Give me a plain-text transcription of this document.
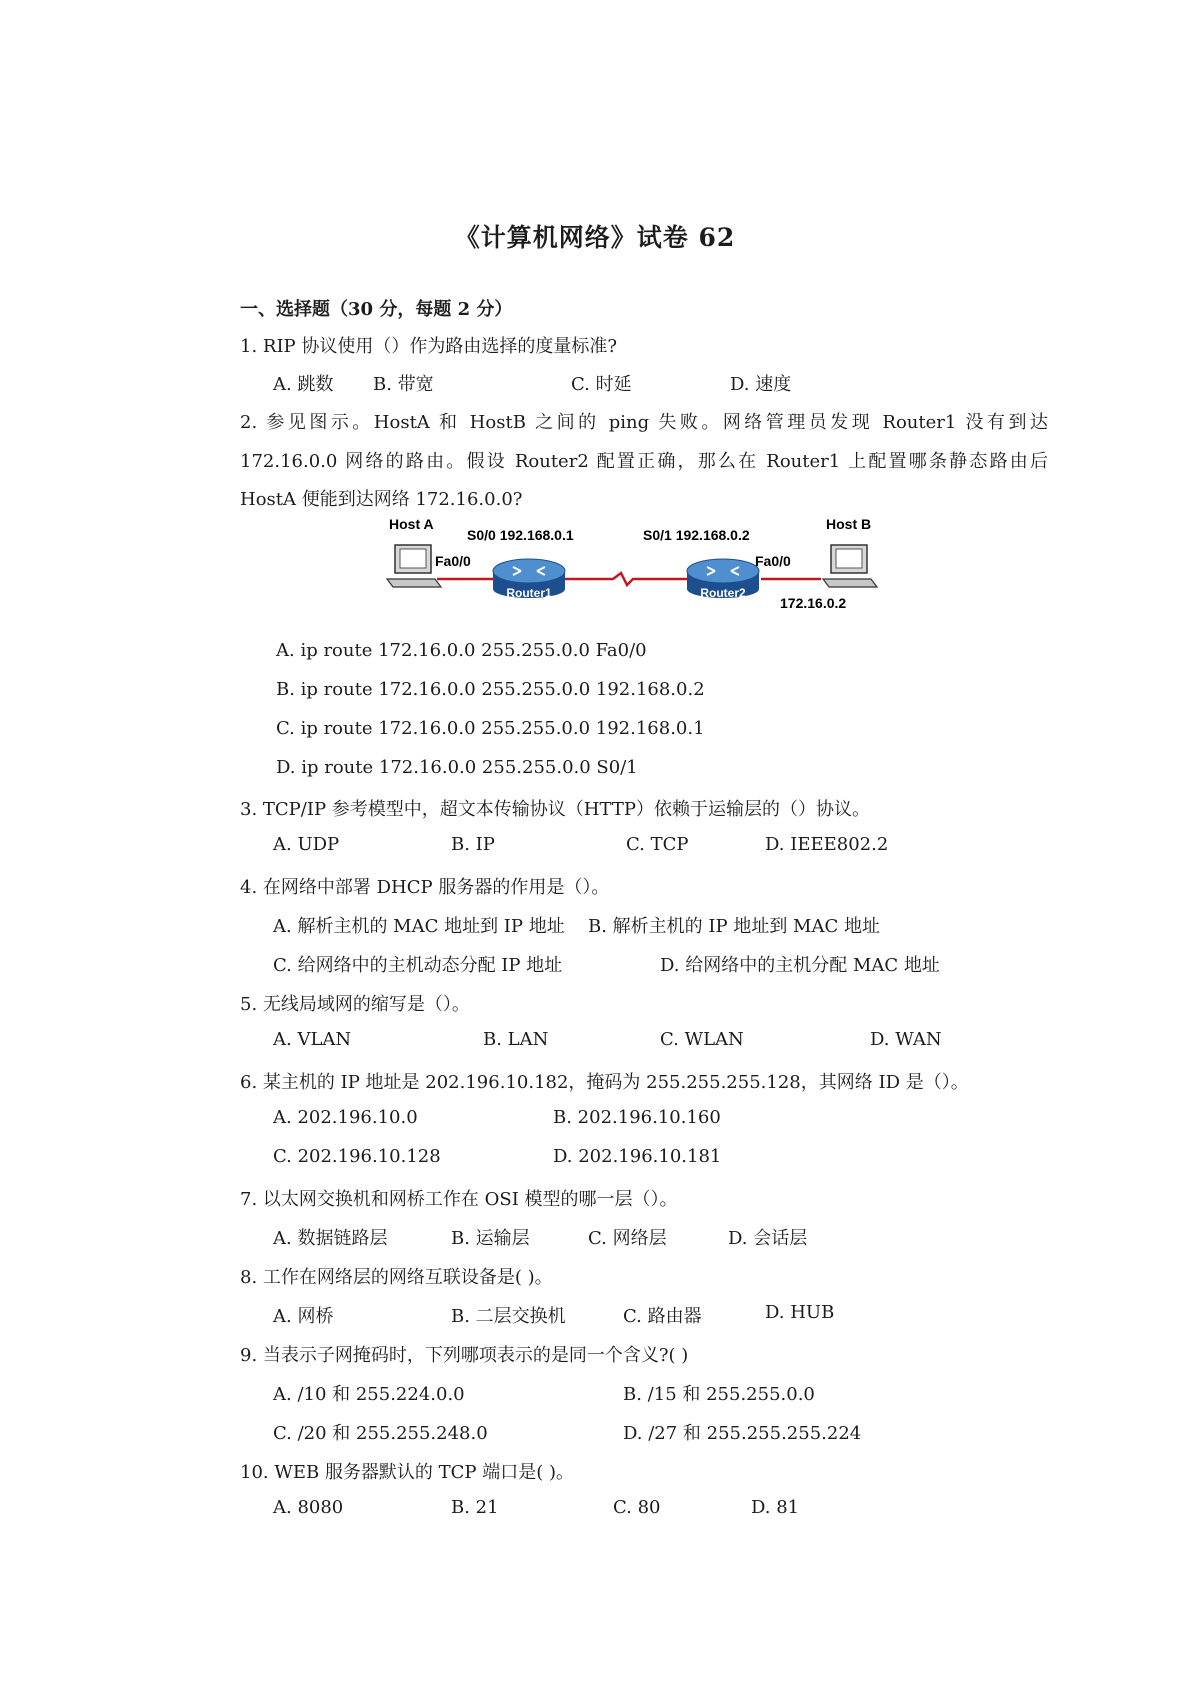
《计算机网络》试卷 62
一、选择题（30 分，每题 2 分）
1. RIP 协议使用（）作为路由选择的度量标准?
A. 跳数 B. 带宽	C. 时延	D. 速度
2. 参见图示。HostA 和 HostB 之间的 ping 失败。网络管理员发现 Router1 没有到达
172.16.0.0 网络的路由。假设 Router2 配置正确，那么在 Router1 上配置哪条静态路由后
HostA 便能到达网络 172.16.0.0?
Router1	Router2
Host A	Host B
S0/0 192.168.0.1	S0/1 192.168.0.2
Fa0/0	Fa0/0
172.16.0.2
A. ip route 172.16.0.0 255.255.0.0 Fa0/0
B. ip route 172.16.0.0 255.255.0.0 192.168.0.2
C. ip route 172.16.0.0 255.255.0.0 192.168.0.1
D. ip route 172.16.0.0 255.255.0.0 S0/1
3. TCP/IP 参考模型中，超文本传输协议（HTTP）依赖于运输层的（）协议。
A. UDP	B. IP	C. TCP	D. IEEE802.2
4. 在网络中部署 DHCP 服务器的作用是（）。
A. 解析主机的 MAC 地址到 IP 地址 B. 解析主机的 IP 地址到 MAC 地址
C. 给网络中的主机动态分配 IP 地址	D. 给网络中的主机分配 MAC 地址
5. 无线局域网的缩写是（）。
A. VLAN	B. LAN	C. WLAN	D. WAN
6. 某主机的 IP 地址是 202.196.10.182，掩码为 255.255.255.128，其网络 ID 是（）。
A. 202.196.10.0	B. 202.196.10.160
C. 202.196.10.128	D. 202.196.10.181
7. 以太网交换机和网桥工作在 OSI 模型的哪一层（）。
A. 数据链路层	B. 运输层	C. 网络层	D. 会话层
8. 工作在网络层的网络互联设备是( )。
A. 网桥	B. 二层交换机	C. 路由器	D. HUB
9. 当表示子网掩码时，下列哪项表示的是同一个含义?( )
A. /10 和 255.224.0.0	B. /15 和 255.255.0.0
C. /20 和 255.255.248.0	D. /27 和 255.255.255.224
10. WEB 服务器默认的 TCP 端口是( )。
A. 8080	B. 21	C. 80	D. 81
